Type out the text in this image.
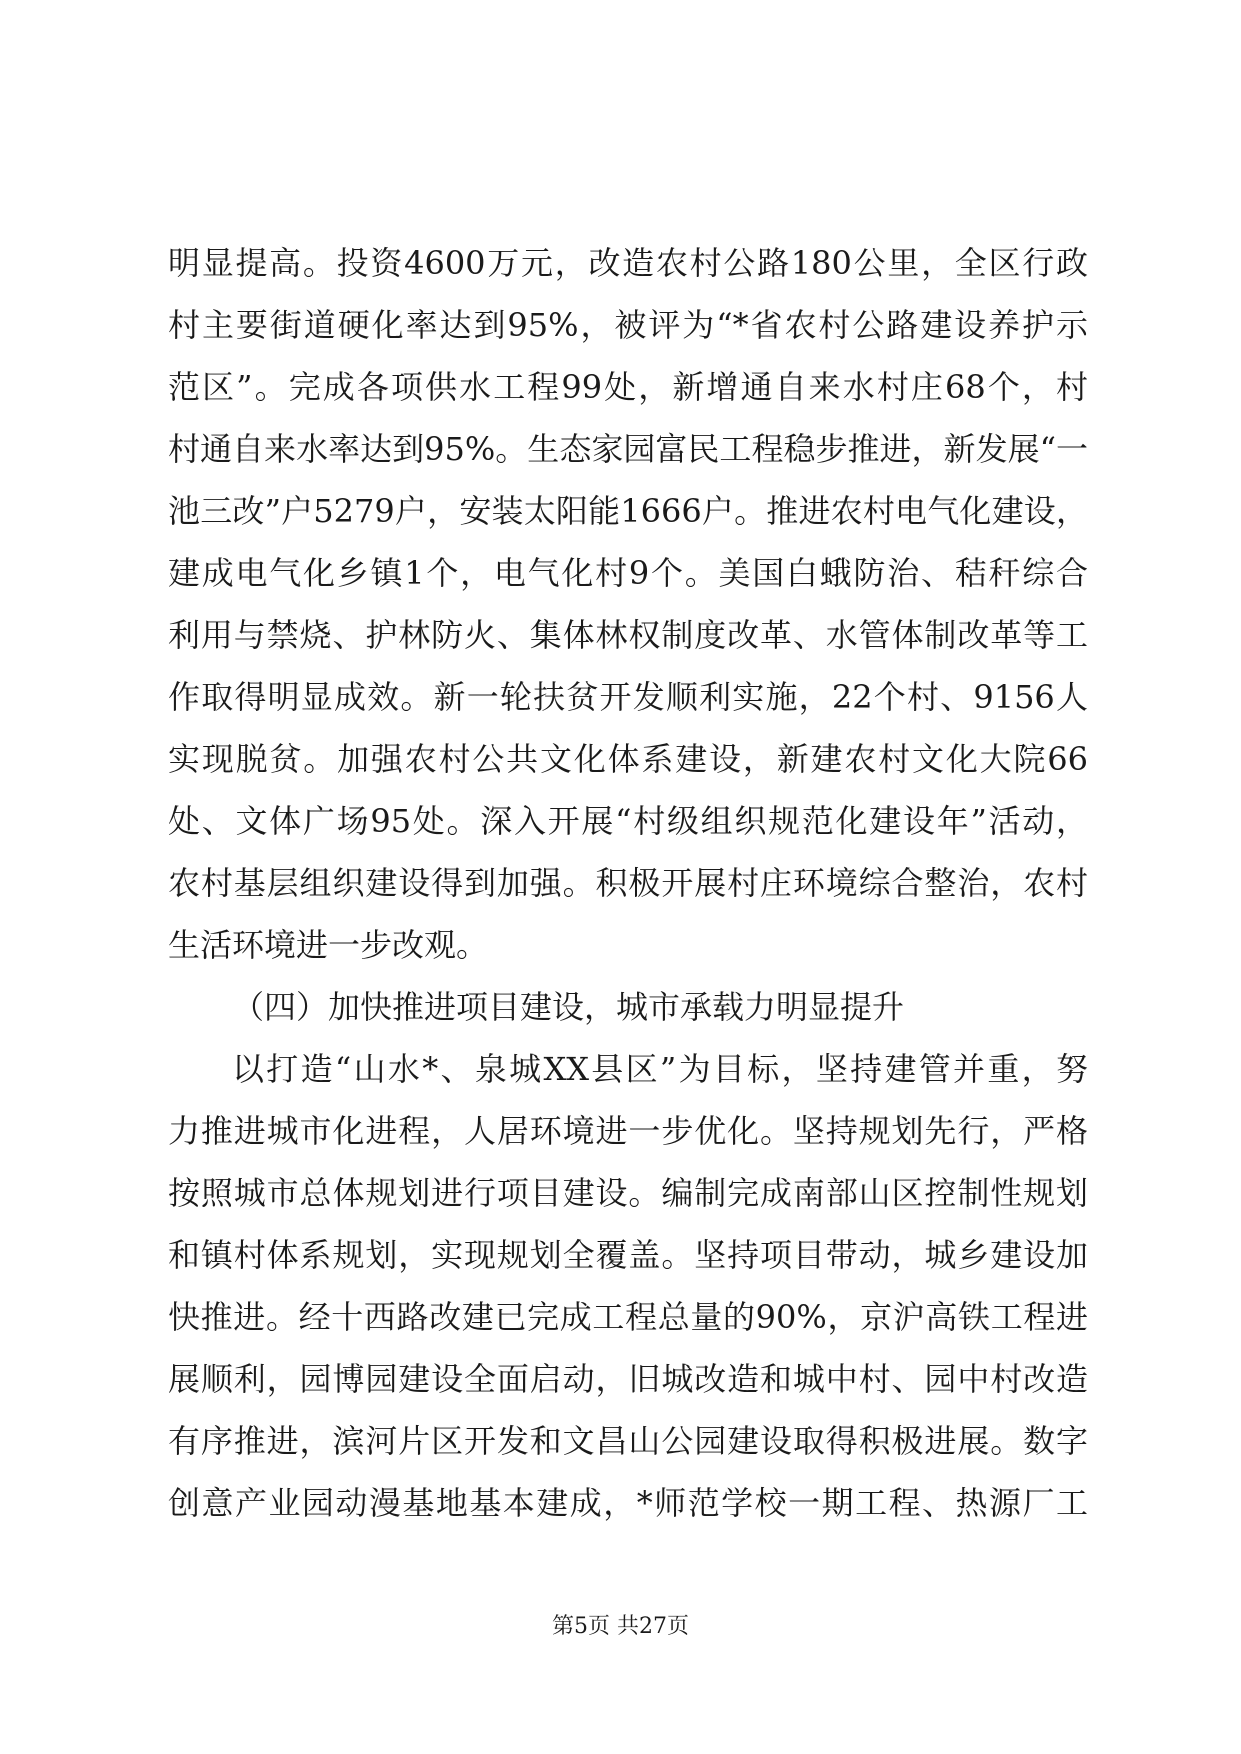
明显提高。投资4600万元，改造农村公路180公里，全区行政
村主要街道硬化率达到95%，被评为“*省农村公路建设养护示
范区”。完成各项供水工程99处，新增通自来水村庄68个，村
村通自来水率达到95%。生态家园富民工程稳步推进，新发展“一
池三改”户5279户，安装太阳能1666户。推进农村电气化建设，
建成电气化乡镇1个，电气化村9个。美国白蛾防治、秸秆综合
利用与禁烧、护林防火、集体林权制度改革、水管体制改革等工
作取得明显成效。新一轮扶贫开发顺利实施，22个村、9156人
实现脱贫。加强农村公共文化体系建设，新建农村文化大院66
处、文体广场95处。深入开展“村级组织规范化建设年”活动，
农村基层组织建设得到加强。积极开展村庄环境综合整治，农村
生活环境进一步改观。
（四）加快推进项目建设，城市承载力明显提升
以打造“山水*、泉城XX县区”为目标，坚持建管并重，努
力推进城市化进程，人居环境进一步优化。坚持规划先行，严格
按照城市总体规划进行项目建设。编制完成南部山区控制性规划
和镇村体系规划，实现规划全覆盖。坚持项目带动，城乡建设加
快推进。经十西路改建已完成工程总量的90%，京沪高铁工程进
展顺利，园博园建设全面启动，旧城改造和城中村、园中村改造
有序推进，滨河片区开发和文昌山公园建设取得积极进展。数字
创意产业园动漫基地基本建成，*师范学校一期工程、热源厂工
第5页 共27页
